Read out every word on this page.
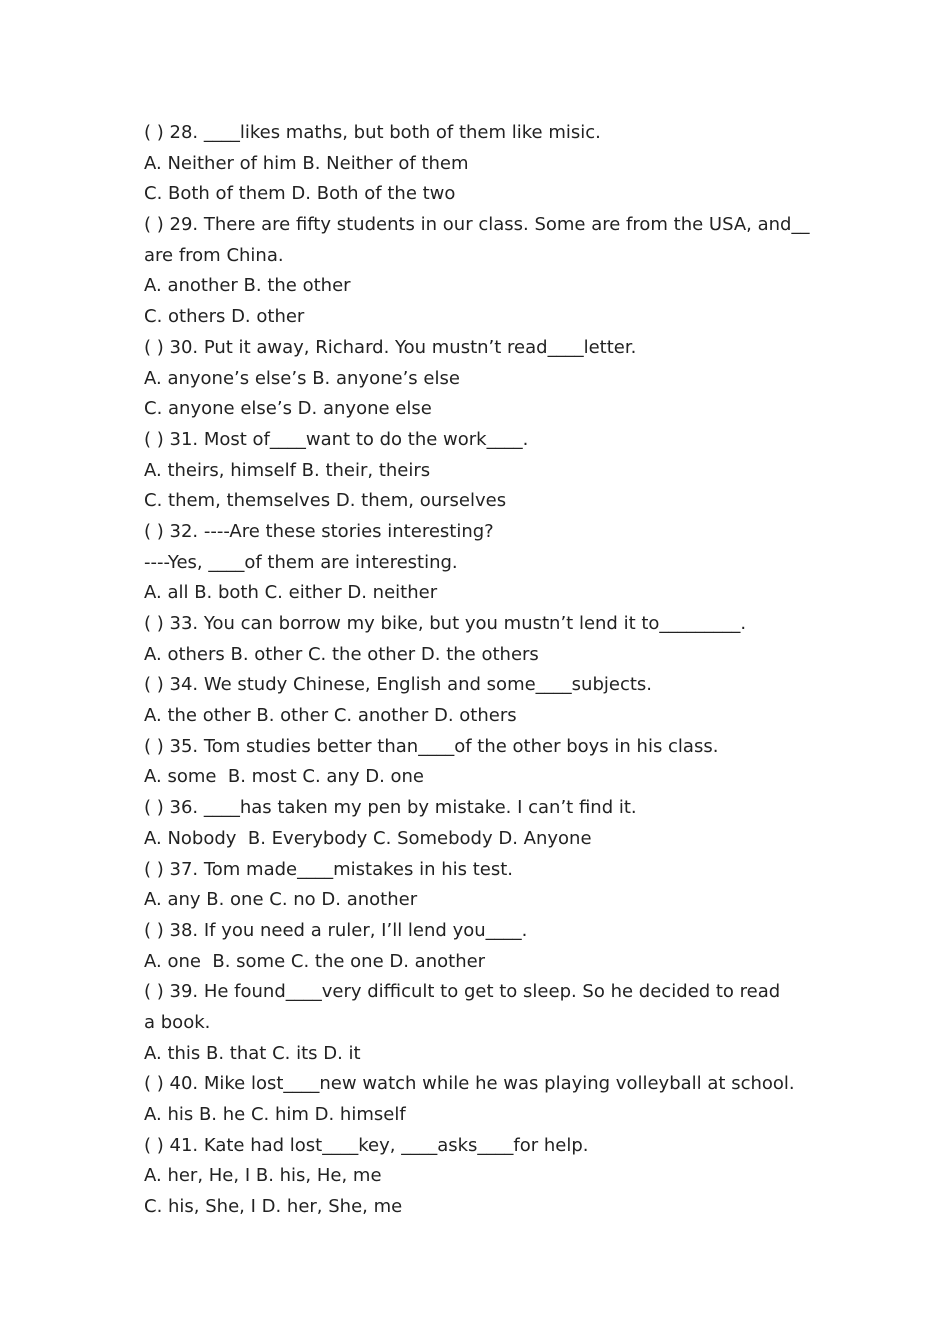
( ) 28. ____likes maths, but both of them like misic.

A. Neither of him B. Neither of them

C. Both of them D. Both of the two

( ) 29. There are fifty students in our class. Some are from the USA, and__

are from China.

A. another B. the other

C. others D. other

( ) 30. Put it away, Richard. You mustn’t read____letter.

A. anyone’s else’s B. anyone’s else

C. anyone else’s D. anyone else

( ) 31. Most of____want to do the work____.

A. theirs, himself B. their, theirs

C. them, themselves D. them, ourselves

( ) 32. ----Are these stories interesting?

----Yes, ____of them are interesting.

A. all B. both C. either D. neither

( ) 33. You can borrow my bike, but you mustn’t lend it to_________.

A. others B. other C. the other D. the others

( ) 34. We study Chinese, English and some____subjects.

A. the other B. other C. another D. others

( ) 35. Tom studies better than____of the other boys in his class.

A. some  B. most C. any D. one

( ) 36. ____has taken my pen by mistake. I can’t find it.

A. Nobody  B. Everybody C. Somebody D. Anyone

( ) 37. Tom made____mistakes in his test.

A. any B. one C. no D. another

( ) 38. If you need a ruler, I’ll lend you____.

A. one  B. some C. the one D. another

( ) 39. He found____very difficult to get to sleep. So he decided to read

a book.

A. this B. that C. its D. it

( ) 40. Mike lost____new watch while he was playing volleyball at school.

A. his B. he C. him D. himself

( ) 41. Kate had lost____key, ____asks____for help.

A. her, He, I B. his, He, me

C. his, She, I D. her, She, me
